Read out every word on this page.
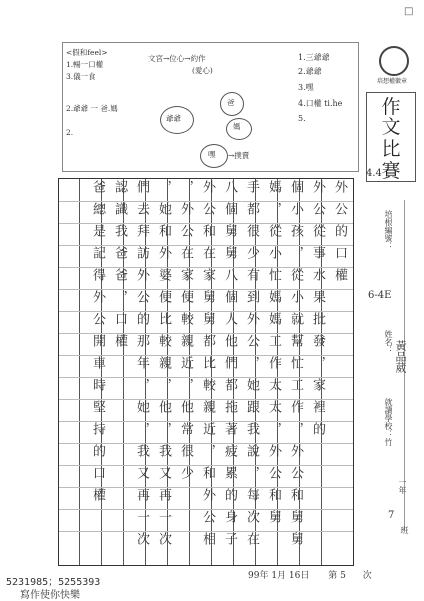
□
<假和feel>
1.暢一口權
3.儀一食
2.爺爺 一 爸.媽
2.
文宮→位心→約作
(愛心)
爺爺
爸
媽
嘿 →撲賣
1.三爺爺
2.爺爺
3.嘿
4.口權 ti.he
5.
培想權徽章
作
文
比
賽
4.4
外公的口權
外公從事水果批發，家裡的
個小孩，從小就幫忙工作，外公和舅舅
媽，從小忙媽媽工作太太，外公和舅
手都很少有到外公，她跟我說，每次在
八個舅舅八個人他們都拖著疲累的身子
外公和在家舅舅都比較親近，和外公相
，外公在家便較親近，他常很少
，她和外婆便比較親，他，我又再一次
們去拜訪外公的那年，她，我又再一次
認識我爸爸，口權
爸總是記得外公開車時堅持的口權	培根編號：
6-4E
姓名： 黃品葳
就讀學校：竹
一年
7
班
99年 1月 16日 第 5 次
5231985；5255393
寫作使你快樂
